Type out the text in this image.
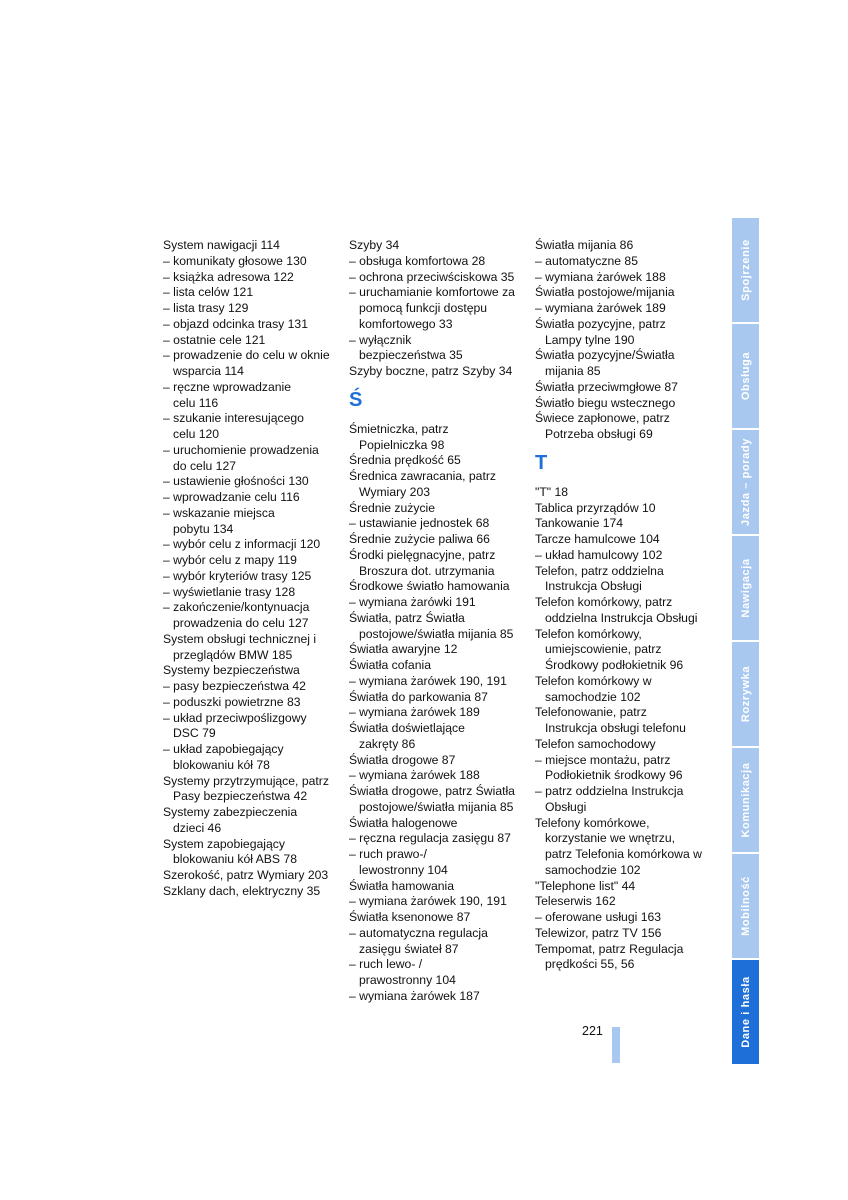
System nawigacji 114
– komunikaty głosowe 130
– książka adresowa 122
– lista celów 121
– lista trasy 129
– objazd odcinka trasy 131
– ostatnie cele 121
– prowadzenie do celu w oknie
wsparcia 114
– ręczne wprowadzanie
celu 116
– szukanie interesującego
celu 120
– uruchomienie prowadzenia
do celu 127
– ustawienie głośności 130
– wprowadzanie celu 116
– wskazanie miejsca
pobytu 134
– wybór celu z informacji 120
– wybór celu z mapy 119
– wybór kryteriów trasy 125
– wyświetlanie trasy 128
– zakończenie/kontynuacja
prowadzenia do celu 127
System obsługi technicznej i
przeglądów BMW 185
Systemy bezpieczeństwa
– pasy bezpieczeństwa 42
– poduszki powietrzne 83
– układ przeciwpoślizgowy
DSC 79
– układ zapobiegający
blokowaniu kół 78
Systemy przytrzymujące, patrz
Pasy bezpieczeństwa 42
Systemy zabezpieczenia
dzieci 46
System zapobiegający
blokowaniu kół ABS 78
Szerokość, patrz Wymiary 203
Szklany dach, elektryczny 35
Szyby 34
– obsługa komfortowa 28
– ochrona przeciwściskowa 35
– uruchamianie komfortowe za
pomocą funkcji dostępu
komfortowego 33
– wyłącznik
bezpieczeństwa 35
Szyby boczne, patrz Szyby 34
Ś
Śmietniczka, patrz
Popielniczka 98
Średnia prędkość 65
Średnica zawracania, patrz
Wymiary 203
Średnie zużycie
– ustawianie jednostek 68
Średnie zużycie paliwa 66
Środki pielęgnacyjne, patrz
Broszura dot. utrzymania
Środkowe światło hamowania
– wymiana żarówki 191
Światła, patrz Światła
postojowe/światła mijania 85
Światła awaryjne 12
Światła cofania
– wymiana żarówek 190, 191
Światła do parkowania 87
– wymiana żarówek 189
Światła doświetlające
zakręty 86
Światła drogowe 87
– wymiana żarówek 188
Światła drogowe, patrz Światła
postojowe/światła mijania 85
Światła halogenowe
– ręczna regulacja zasięgu 87
– ruch prawo-/
lewostronny 104
Światła hamowania
– wymiana żarówek 190, 191
Światła ksenonowe 87
– automatyczna regulacja
zasięgu świateł 87
– ruch lewo- /
prawostronny 104
– wymiana żarówek 187
Światła mijania 86
– automatyczne 85
– wymiana żarówek 188
Światła postojowe/mijania
– wymiana żarówek 189
Światła pozycyjne, patrz
Lampy tylne 190
Światła pozycyjne/Światła
mijania 85
Światła przeciwmgłowe 87
Światło biegu wstecznego
Świece zapłonowe, patrz
Potrzeba obsługi 69
T
"T" 18
Tablica przyrządów 10
Tankowanie 174
Tarcze hamulcowe 104
– układ hamulcowy 102
Telefon, patrz oddzielna
Instrukcja Obsługi
Telefon komórkowy, patrz
oddzielna Instrukcja Obsługi
Telefon komórkowy,
umiejscowienie, patrz
Środkowy podłokietnik 96
Telefon komórkowy w
samochodzie 102
Telefonowanie, patrz
Instrukcja obsługi telefonu
Telefon samochodowy
– miejsce montażu, patrz
Podłokietnik środkowy 96
– patrz oddzielna Instrukcja
Obsługi
Telefony komórkowe,
korzystanie we wnętrzu,
patrz Telefonia komórkowa w
samochodzie 102
"Telephone list" 44
Teleserwis 162
– oferowane usługi 163
Telewizor, patrz TV 156
Tempomat, patrz Regulacja
prędkości 55, 56
221
Spojrzenie
Obsługa
Jazda – porady
Nawigacja
Rozrywka
Komunikacja
Mobilność
Dane i hasła
